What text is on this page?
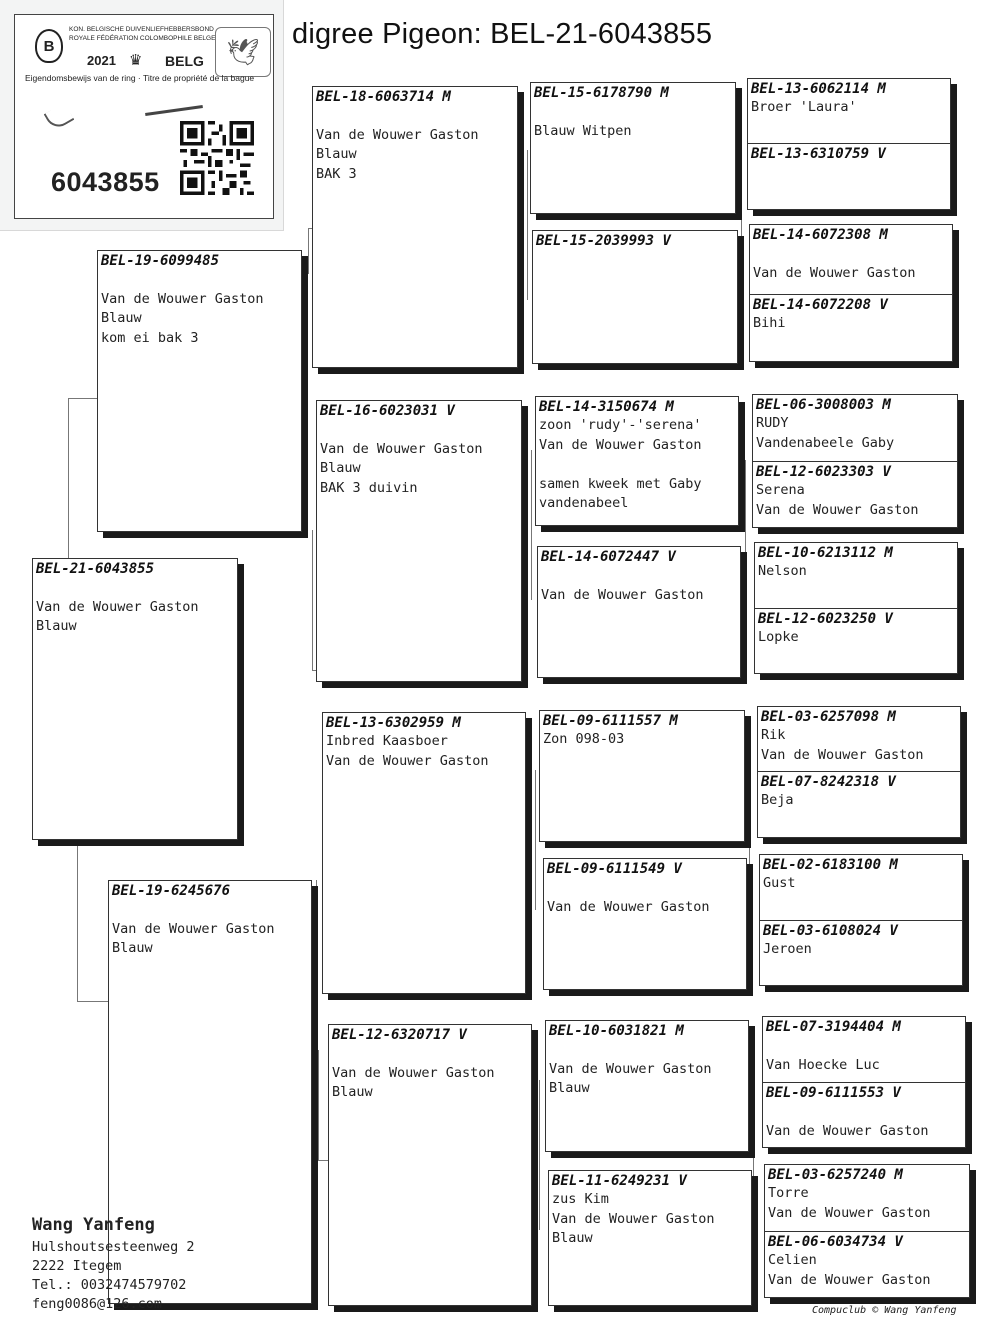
B
KON. BELGISCHE DUIVENLIEFHEBBERSBOND
ROYALE FÉDÉRATION COLOMBOPHILE BELGE
2021 ♛ BELG 🕊
Eigendomsbewijs van de ring · Titre de propriété de la bague
6043855
digree Pigeon: BEL-21-6043855
BEL-21-6043855

Van de Wouwer Gaston
Blauw
BEL-19-6099485

Van de Wouwer Gaston
Blauw
kom ei bak 3
BEL-19-6245676

Van de Wouwer Gaston
Blauw
BEL-18-6063714 M

Van de Wouwer Gaston
Blauw
BAK 3
BEL-16-6023031 V

Van de Wouwer Gaston
Blauw
BAK 3 duivin
BEL-13-6302959 M
Inbred Kaasboer
Van de Wouwer Gaston
BEL-12-6320717 V

Van de Wouwer Gaston
Blauw
BEL-15-6178790 M

Blauw Witpen
BEL-15-2039993 V
BEL-14-3150674 M
zoon 'rudy'-'serena'
Van de Wouwer Gaston

samen kweek met Gaby
vandenabeel
BEL-14-6072447 V

Van de Wouwer Gaston
BEL-09-6111557 M
Zon 098-03
BEL-09-6111549 V

Van de Wouwer Gaston
BEL-10-6031821 M

Van de Wouwer Gaston
Blauw
BEL-11-6249231 V
zus Kim
Van de Wouwer Gaston
Blauw
BEL-13-6062114 M
Broer 'Laura'
BEL-13-6310759 V
BEL-14-6072308 M

Van de Wouwer Gaston
BEL-14-6072208 V
Bihi
BEL-06-3008003 M
RUDY
Vandenabeele Gaby
BEL-12-6023303 V
Serena
Van de Wouwer Gaston
BEL-10-6213112 M
Nelson
BEL-12-6023250 V
Lopke
BEL-03-6257098 M
Rik
Van de Wouwer Gaston
BEL-07-8242318 V
Beja
BEL-02-6183100 M
Gust
BEL-03-6108024 V
Jeroen
BEL-07-3194404 M

Van Hoecke Luc
BEL-09-6111553 V

Van de Wouwer Gaston
BEL-03-6257240 M
Torre
Van de Wouwer Gaston
BEL-06-6034734 V
Celien
Van de Wouwer Gaston
Wang Yanfeng
Hulshoutsesteenweg 2
2222 Itegem
Tel.: 0032474579702
feng0086@126.com	Compuclub © Wang Yanfeng
